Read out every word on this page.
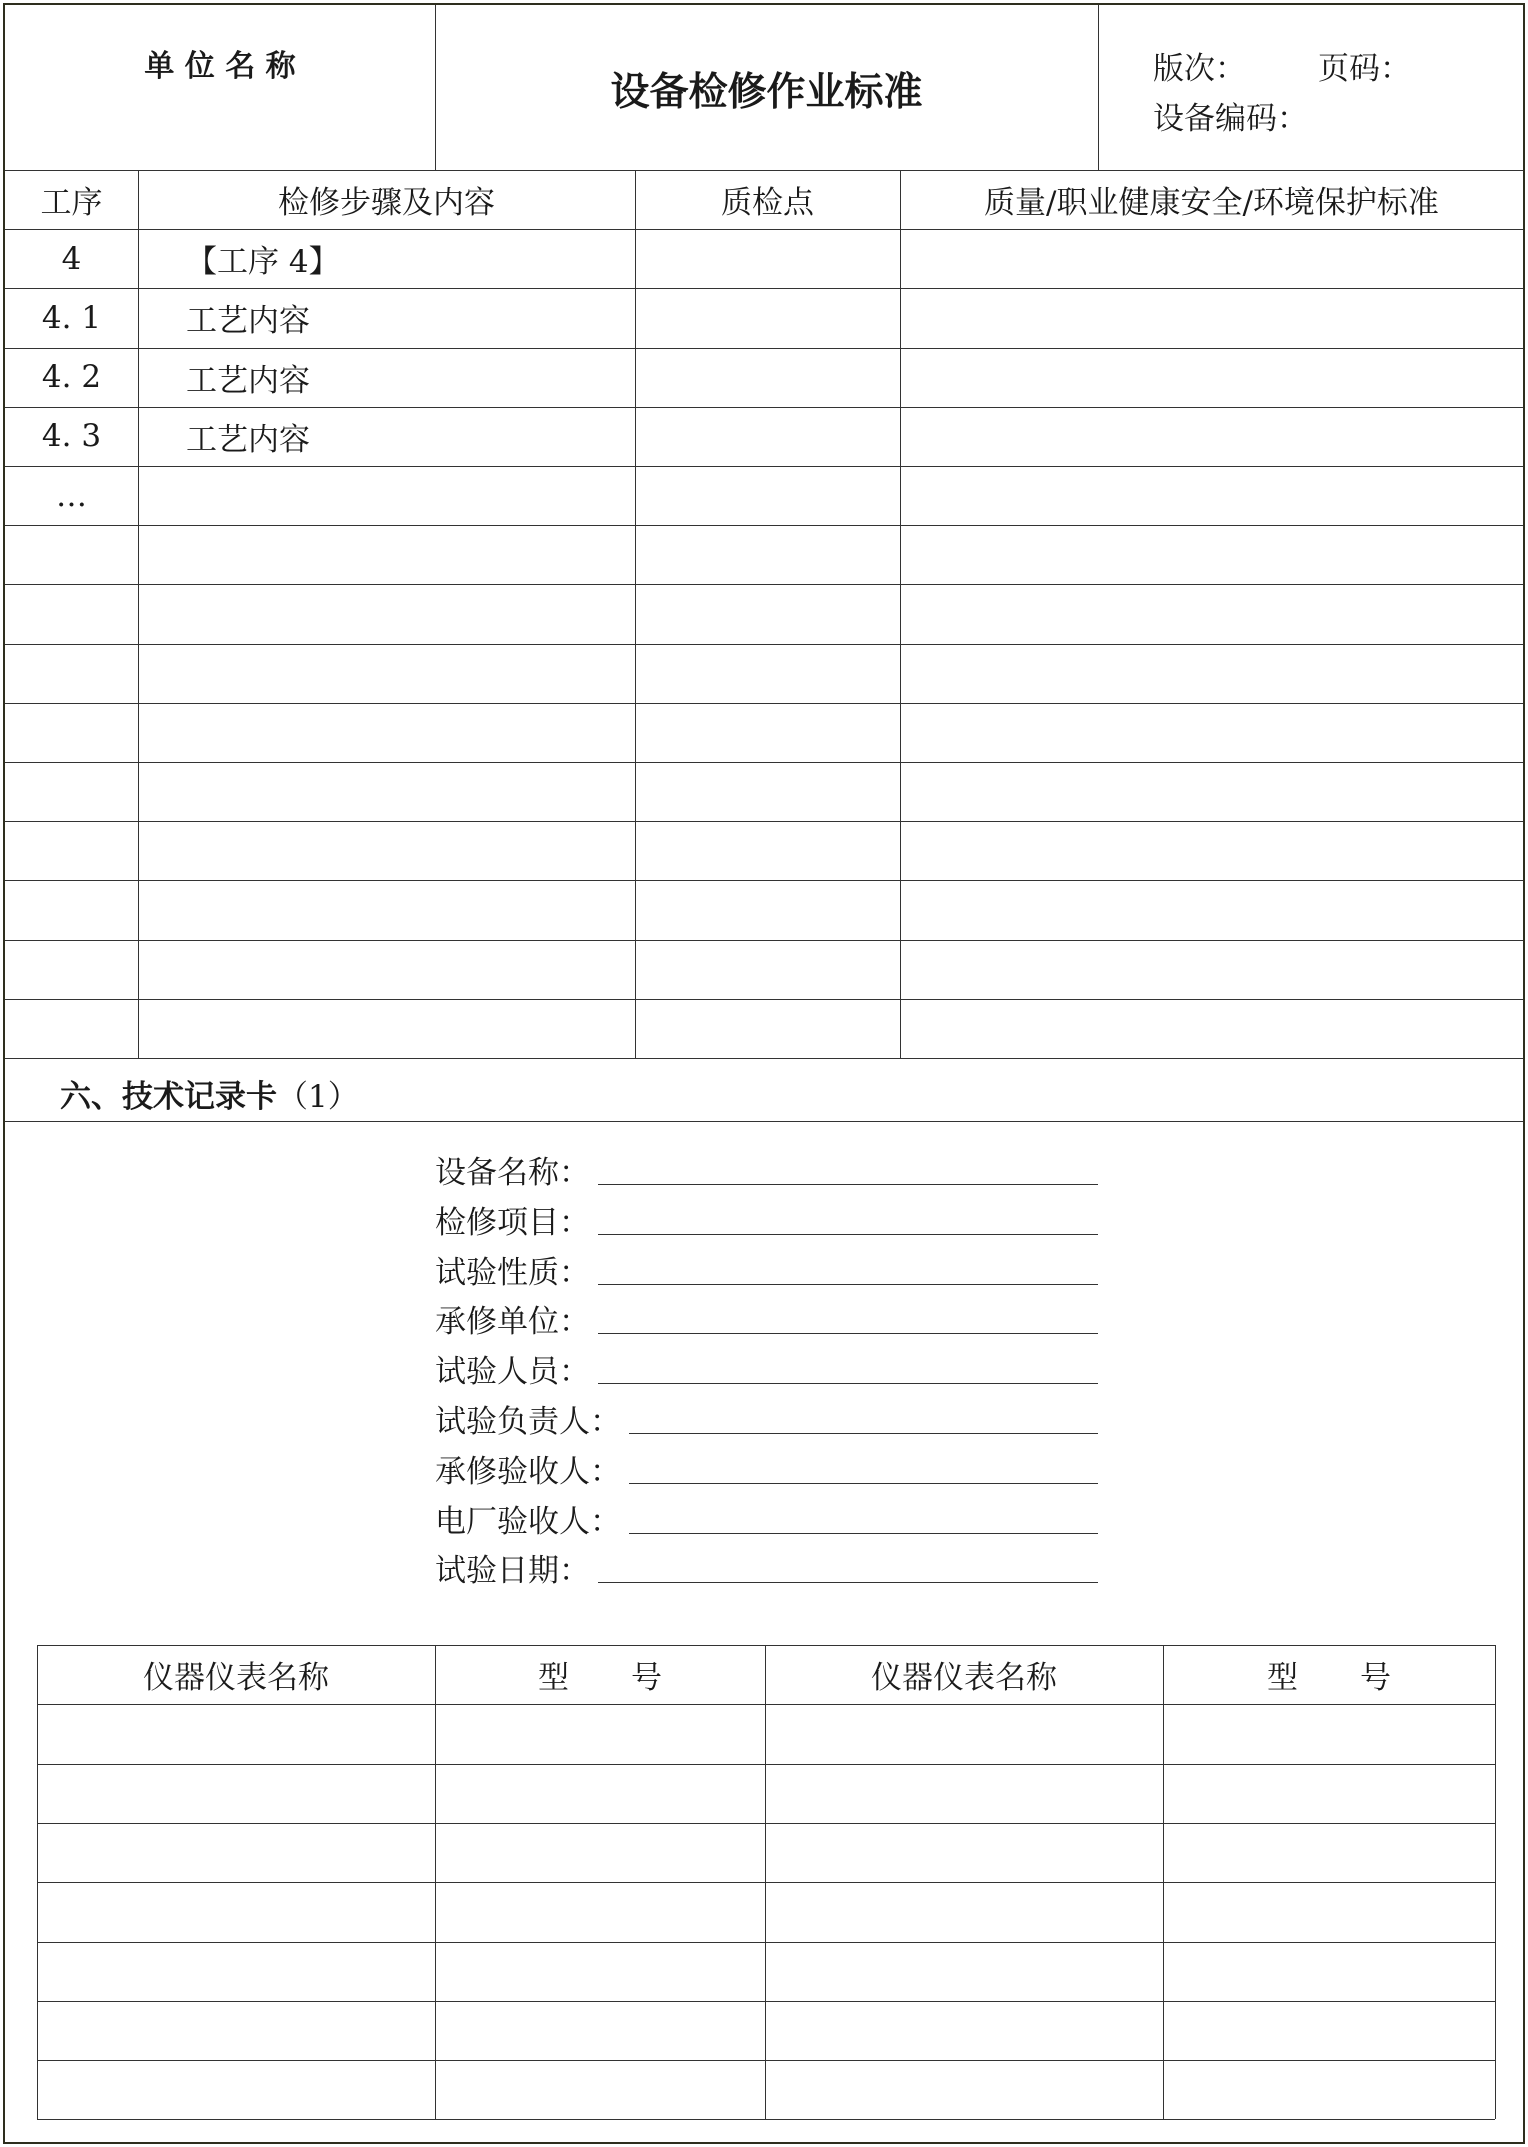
单 位 名 称
设备检修作业标准
版次： 页码：
设备编码：
工序	检修步骤及内容	质检点	质量/职业健康安全/环境保护标准
4	【工序 4】
4. 1	工艺内容
4. 2	工艺内容
4. 3	工艺内容
…
六、技术记录卡（1）
设备名称：
检修项目：
试验性质：
承修单位：
试验人员：
试验负责人：
承修验收人：
电厂验收人：
试验日期：
仪器仪表名称	型　　号	仪器仪表名称	型　　号
